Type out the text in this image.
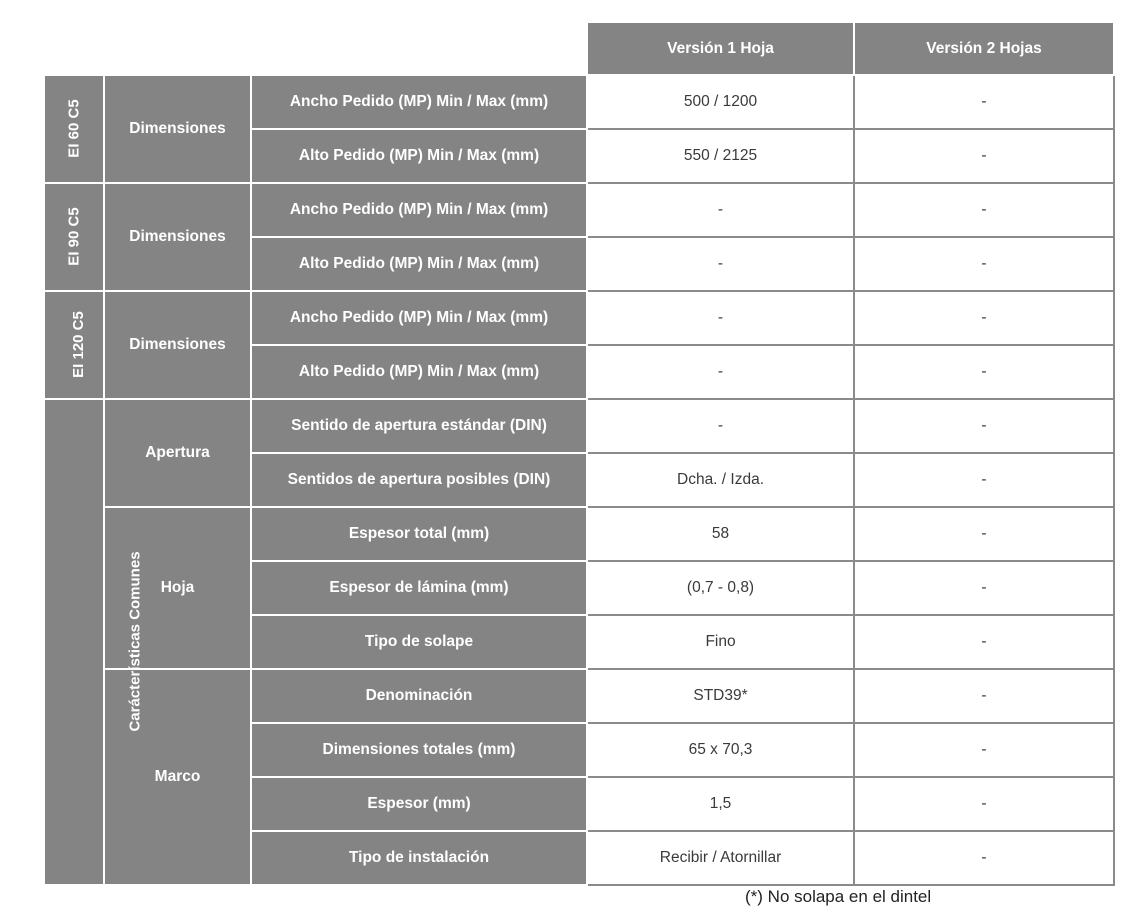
			Versión 1 Hoja	Versión 2 Hojas
EI 60 C5	Dimensiones	Ancho Pedido (MP) Min / Max (mm)	500 / 1200	-
		Alto Pedido (MP) Min / Max (mm)	550 / 2125	-
EI 90 C5	Dimensiones	Ancho Pedido (MP) Min / Max (mm)	-	-
		Alto Pedido (MP) Min / Max (mm)	-	-
EI 120 C5	Dimensiones	Ancho Pedido (MP) Min / Max (mm)	-	-
		Alto Pedido (MP) Min / Max (mm)	-	-
Carácterísticas Comunes	Apertura	Sentido de apertura estándar (DIN)	-	-
		Sentidos de apertura posibles (DIN)	Dcha. / Izda.	-
	Hoja	Espesor total (mm)	58	-
		Espesor de lámina (mm)	(0,7 - 0,8)	-
		Tipo de solape	Fino	-
	Marco	Denominación	STD39*	-
		Dimensiones totales (mm)	65 x 70,3	-
		Espesor (mm)	1,5	-
		Tipo de instalación	Recibir / Atornillar	-
(*) No solapa en el dintel
